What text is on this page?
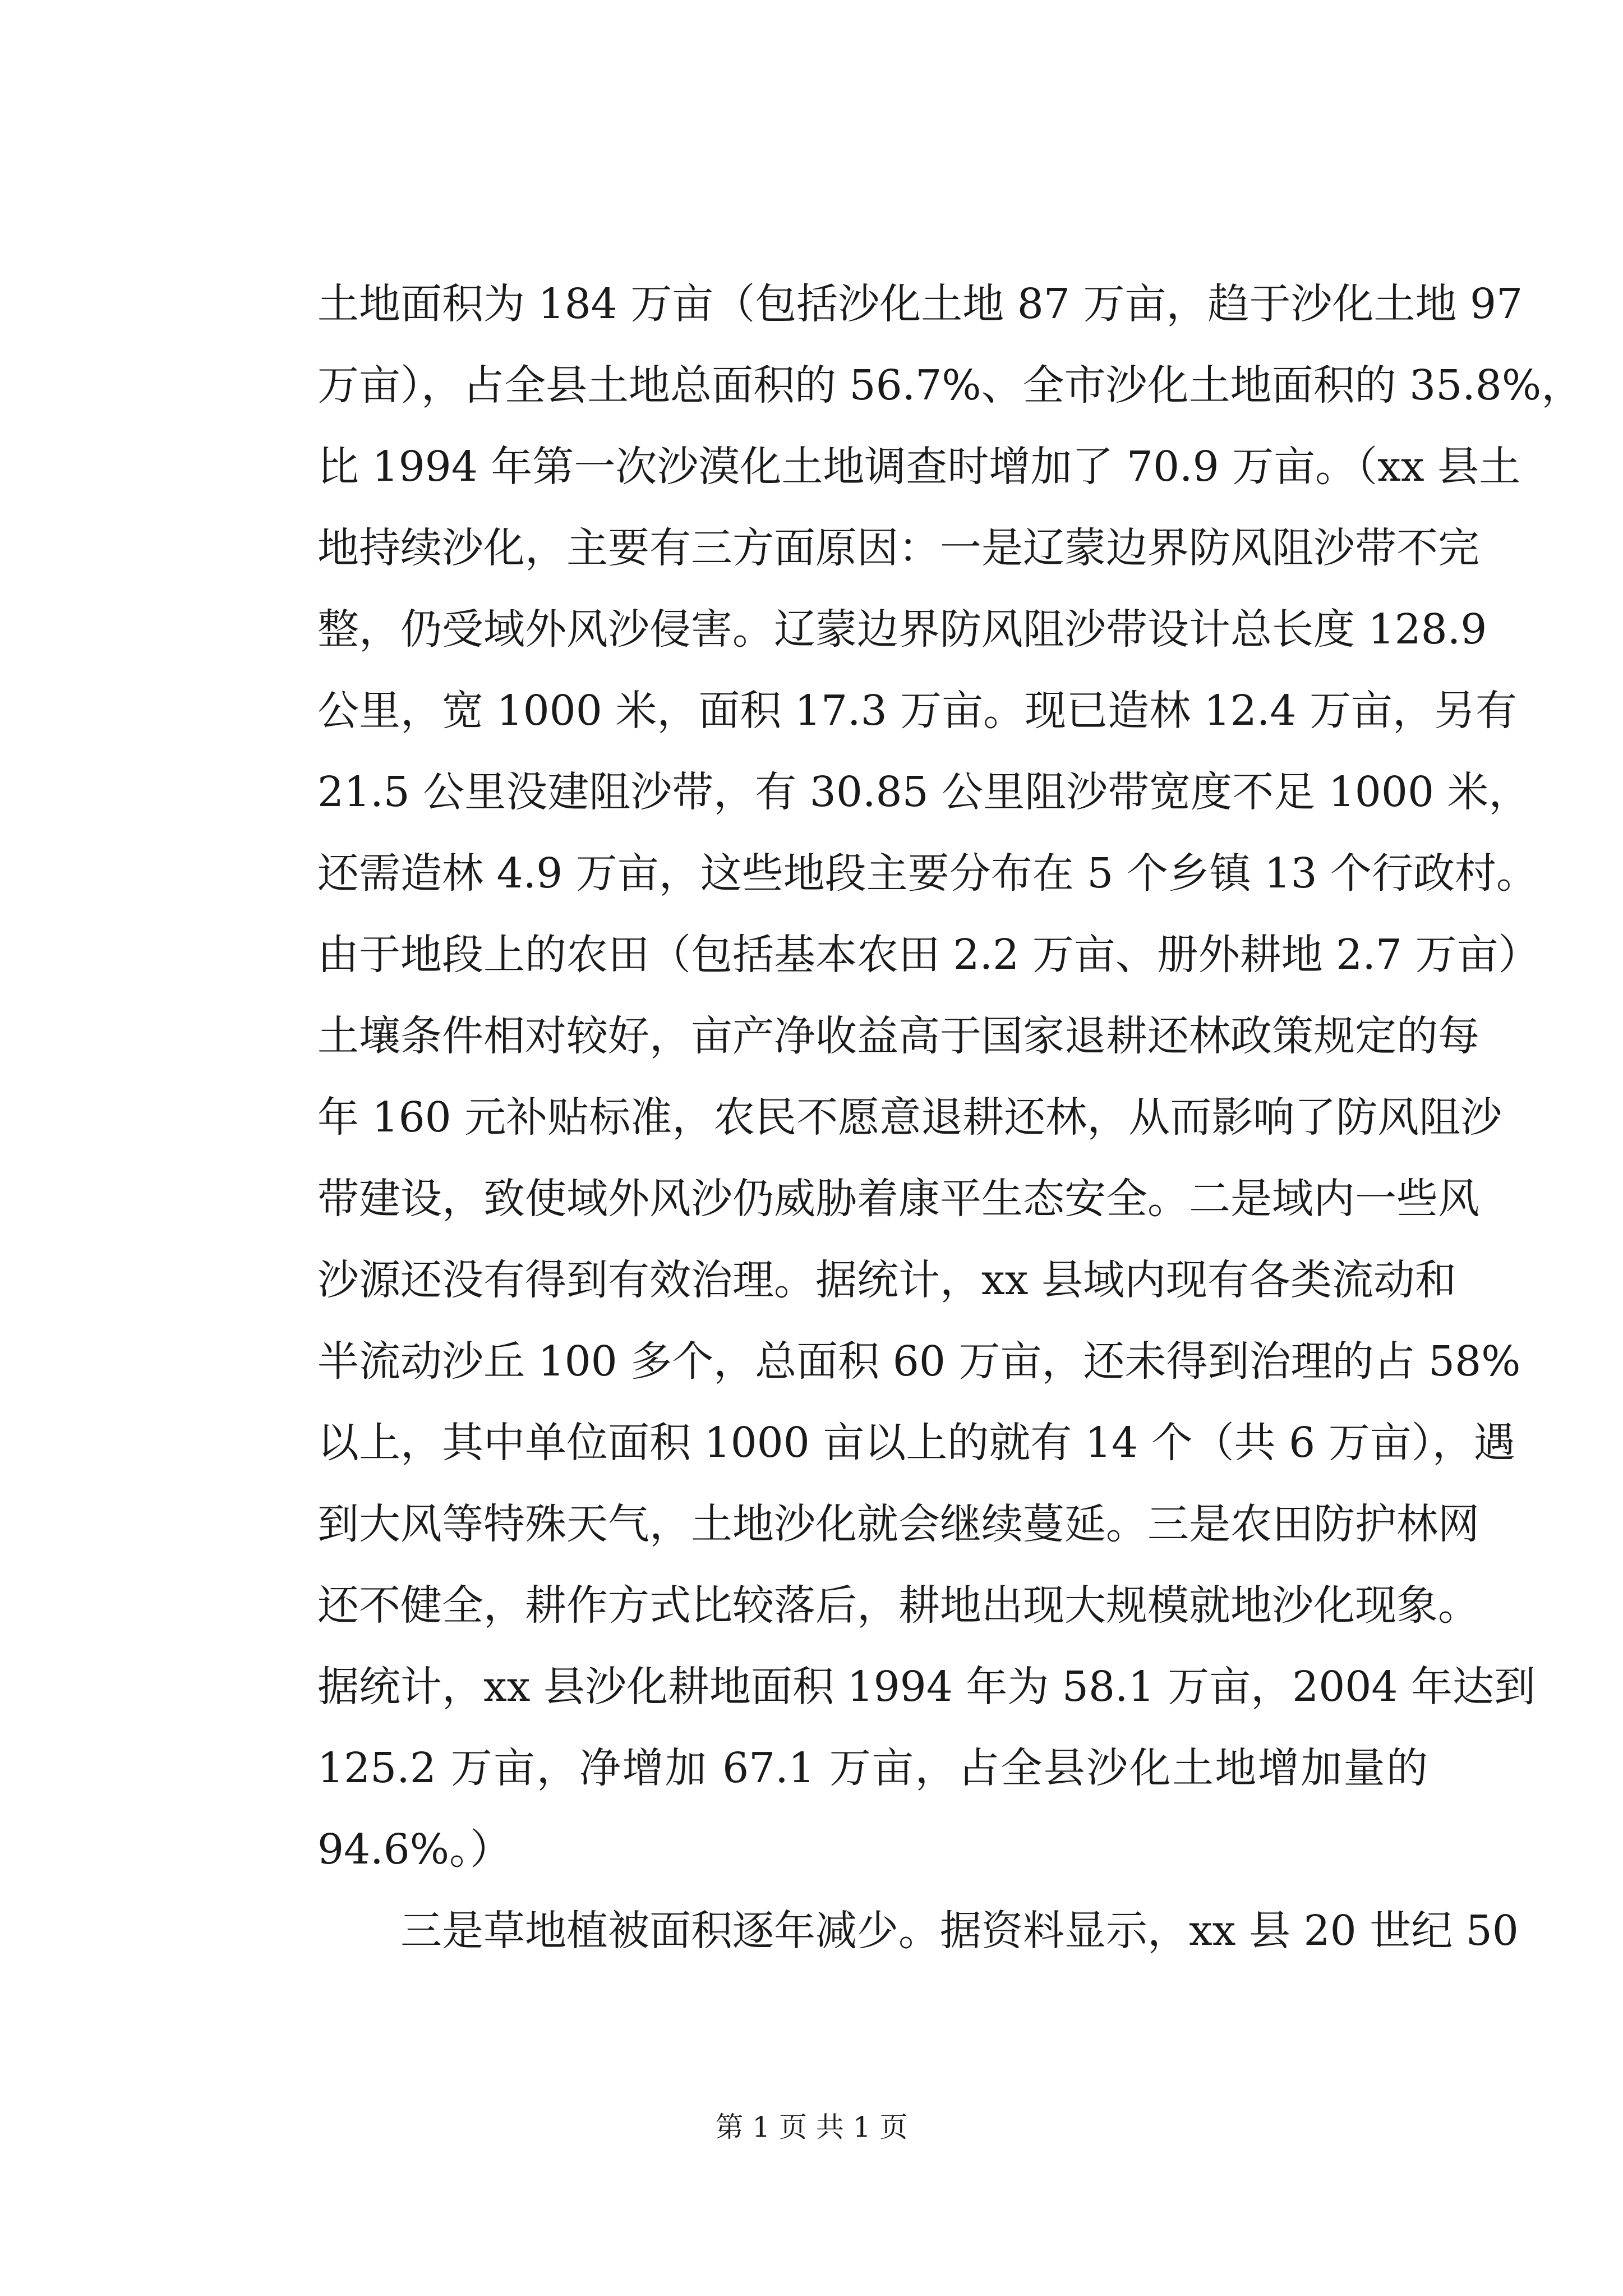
土地面积为 184 万亩（包括沙化土地 87 万亩，趋于沙化土地 97
万亩），占全县土地总面积的 56.7%、全市沙化土地面积的 35.8%，
比 1994 年第一次沙漠化土地调查时增加了 70.9 万亩。（xx 县土
地持续沙化，主要有三方面原因：一是辽蒙边界防风阻沙带不完
整，仍受域外风沙侵害。辽蒙边界防风阻沙带设计总长度 128.9
公里，宽 1000 米，面积 17.3 万亩。现已造林 12.4 万亩，另有
21.5 公里没建阻沙带，有 30.85 公里阻沙带宽度不足 1000 米，
还需造林 4.9 万亩，这些地段主要分布在 5 个乡镇 13 个行政村。
由于地段上的农田（包括基本农田 2.2 万亩、册外耕地 2.7 万亩）
土壤条件相对较好，亩产净收益高于国家退耕还林政策规定的每
年 160 元补贴标准，农民不愿意退耕还林，从而影响了防风阻沙
带建设，致使域外风沙仍威胁着康平生态安全。二是域内一些风
沙源还没有得到有效治理。据统计，xx 县域内现有各类流动和
半流动沙丘 100 多个，总面积 60 万亩，还未得到治理的占 58%
以上，其中单位面积 1000 亩以上的就有 14 个（共 6 万亩），遇
到大风等特殊天气，土地沙化就会继续蔓延。三是农田防护林网
还不健全，耕作方式比较落后，耕地出现大规模就地沙化现象。
据统计，xx 县沙化耕地面积 1994 年为 58.1 万亩，2004 年达到
125.2 万亩，净增加 67.1 万亩，占全县沙化土地增加量的
94.6%。）
　　三是草地植被面积逐年减少。据资料显示，xx 县 20 世纪 50
第 1 页 共 1 页
